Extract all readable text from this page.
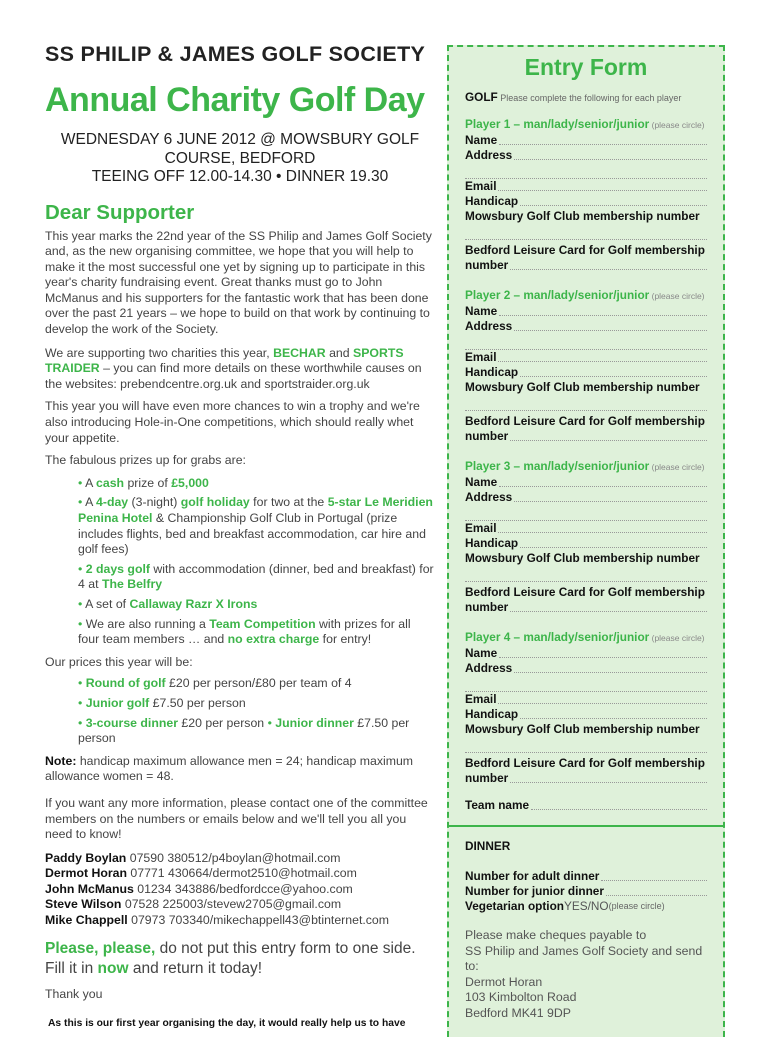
SS PHILIP & JAMES GOLF SOCIETY
Annual Charity Golf Day
WEDNESDAY 6 JUNE 2012 @ MOWSBURY GOLF
COURSE, BEDFORD
TEEING OFF 12.00-14.30 • DINNER 19.30
Dear Supporter

This year marks the 22nd year of the SS Philip and James Golf Society and, as the new organising committee, we hope that you will help to make it the most successful one yet by signing up to participate in this year's charity fundraising event. Great thanks must go to John McManus and his supporters for the fantastic work that has been done over the past 21 years – we hope to build on that work by continuing to develop the work of the Society.

We are supporting two charities this year, BECHAR and SPORTS TRAIDER – you can find more details on these worthwhile causes on the websites: prebendcentre.org.uk and sportstraider.org.uk

This year you will have even more chances to win a trophy and we're also introducing Hole-in-One competitions, which should really whet your appetite.

The fabulous prizes up for grabs are:

• A cash prize of £5,000
• A 4-day (3-night) golf holiday for two at the 5-star Le Meridien Penina Hotel & Championship Golf Club in Portugal (prize includes flights, bed and breakfast accommodation, car hire and golf fees)
• 2 days golf with accommodation (dinner, bed and breakfast) for 4 at The Belfry
• A set of Callaway Razr X Irons
• We are also running a Team Competition with prizes for all four team members … and no extra charge for entry!

Our prices this year will be:

• Round of golf £20 per person/£80 per team of 4
• Junior golf £7.50 per person
• 3-course dinner £20 per person • Junior dinner £7.50 per person

Note: handicap maximum allowance men = 24; handicap maximum allowance women = 48.

If you want any more information, please contact one of the committee members on the numbers or emails below and we'll tell you all you need to know!

Paddy Boylan 07590 380512/p4boylan@hotmail.com
Dermot Horan 07771 430664/dermot2510@hotmail.com
John McManus 01234 343886/bedfordcce@yahoo.com
Steve Wilson 07528 225003/stevew2705@gmail.com
Mike Chappell 07973 703340/mikechappell43@btinternet.com
Please, please, do not put this entry form to one side.
Fill it in now and return it today!

Thank you

As this is our first year organising the day, it would really help us to have
Entry Form
GOLF Please complete the following for each player
Player 1 – man/lady/senior/junior (please circle)
Name
Address
Email
Handicap
Mowsbury Golf Club membership number
Bedford Leisure Card for Golf membership
number
Player 2 – man/lady/senior/junior (please circle)
Name
Address
Email
Handicap
Mowsbury Golf Club membership number
Bedford Leisure Card for Golf membership
number
Player 3 – man/lady/senior/junior (please circle)
Name
Address
Email
Handicap
Mowsbury Golf Club membership number
Bedford Leisure Card for Golf membership
number
Player 4 – man/lady/senior/junior (please circle)
Name
Address
Email
Handicap
Mowsbury Golf Club membership number
Bedford Leisure Card for Golf membership
number
Team name
DINNER
Number for adult dinner
Number for junior dinner
Vegetarian option YES/NO (please circle)
Please make cheques payable to
SS Philip and James Golf Society and send to:
Dermot Horan
103 Kimbolton Road
Bedford MK41 9DP
